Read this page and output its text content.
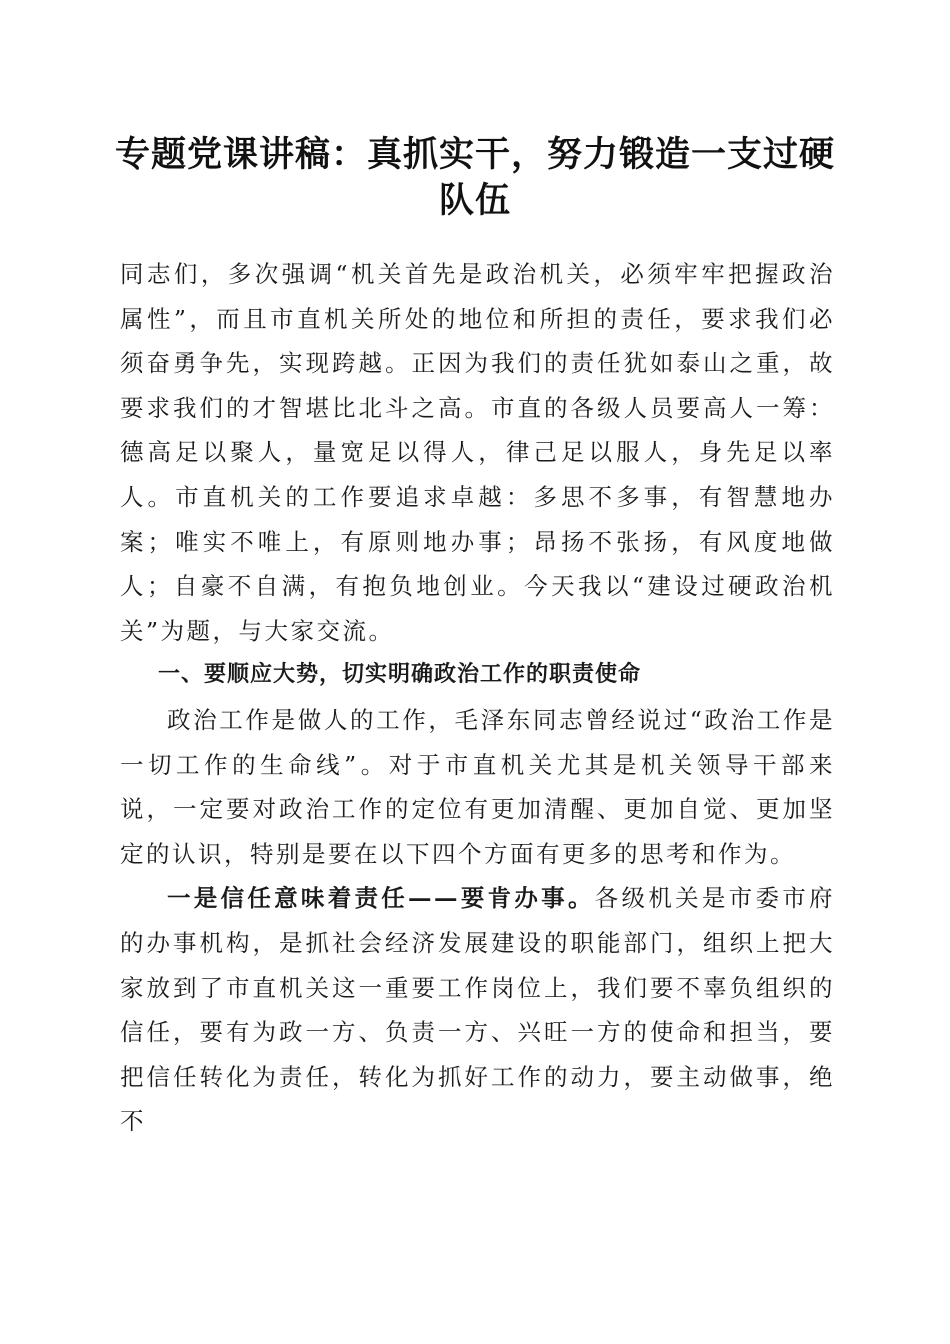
专题党课讲稿：真抓实干，努力锻造一支过硬
队伍

同志们，多次强调“机关首先是政治机关，必须牢牢把握政治属性”，而且市直机关所处的地位和所担的责任，要求我们必须奋勇争先，实现跨越。正因为我们的责任犹如泰山之重，故要求我们的才智堪比北斗之高。市直的各级人员要高人一筹：德高足以聚人，量宽足以得人，律己足以服人，身先足以率人。市直机关的工作要追求卓越：多思不多事，有智慧地办案；唯实不唯上，有原则地办事；昂扬不张扬，有风度地做人；自豪不自满，有抱负地创业。今天我以“建设过硬政治机关”为题，与大家交流。

一、要顺应大势，切实明确政治工作的职责使命

政治工作是做人的工作，毛泽东同志曾经说过“政治工作是一切工作的生命线”。对于市直机关尤其是机关领导干部来说，一定要对政治工作的定位有更加清醒、更加自觉、更加坚定的认识，特别是要在以下四个方面有更多的思考和作为。

一是信任意味着责任——要肯办事。各级机关是市委市府的办事机构，是抓社会经济发展建设的职能部门，组织上把大家放到了市直机关这一重要工作岗位上，我们要不辜负组织的信任，要有为政一方、负责一方、兴旺一方的使命和担当，要把信任转化为责任，转化为抓好工作的动力，要主动做事，绝不
